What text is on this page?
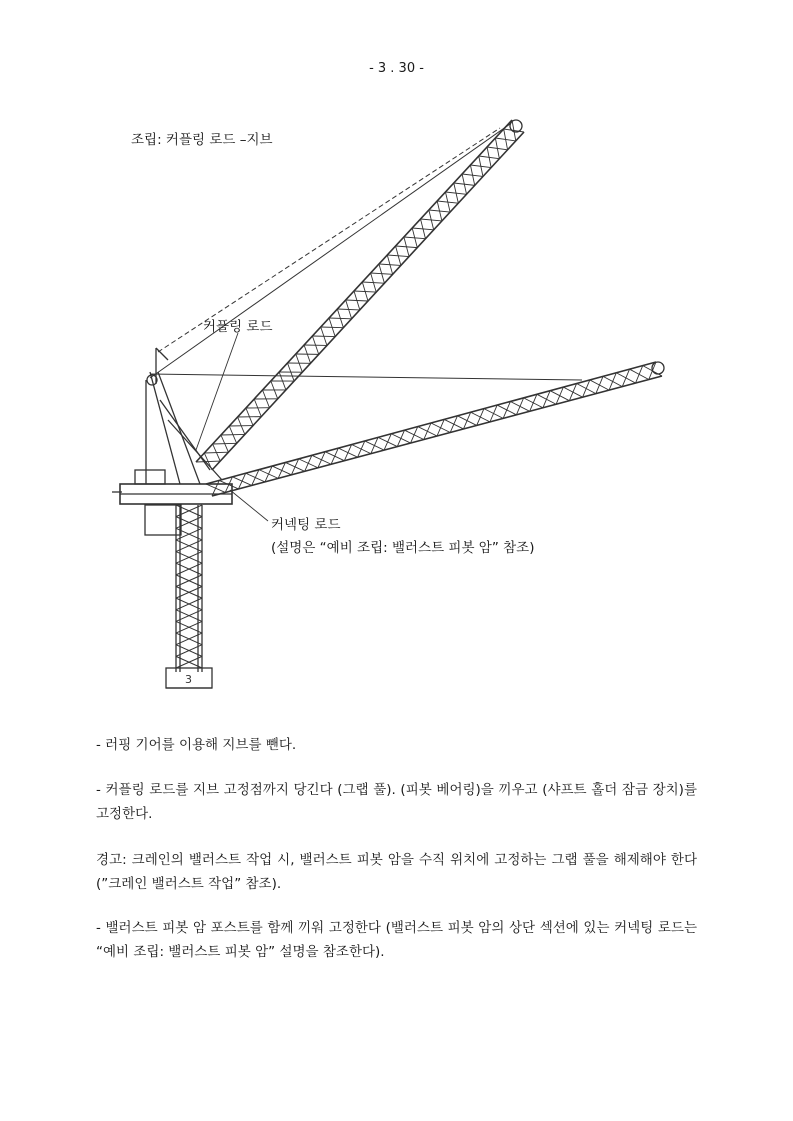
- 3 . 30 -
조립: 커플링 로드 –지브
3
커플링 로드
커넥팅 로드
(설명은 “예비 조립: 밸러스트 피봇 암” 참조)
- 러핑 기어를 이용해 지브를 뺀다.
- 커플링 로드를 지브 고정점까지 당긴다 (그랩 풀). (피봇 베어링)을 끼우고 (샤프트 홀더 잠금 장치)를 고정한다.
경고: 크레인의 밸러스트 작업 시, 밸러스트 피봇 암을 수직 위치에 고정하는 그랩 풀을 해제해야 한다 (”크레인 밸러스트 작업” 참조).
- 밸러스트 피봇 암 포스트를 함께 끼워 고정한다 (밸러스트 피봇 암의 상단 섹션에 있는 커넥팅 로드는 “예비 조립: 밸러스트 피봇 암” 설명을 참조한다).
